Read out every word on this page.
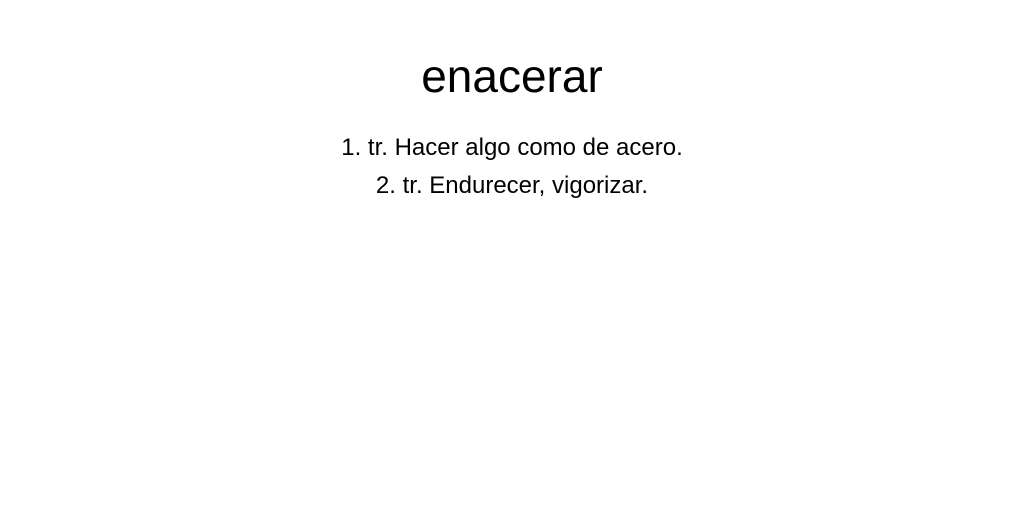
enacerar
1. tr. Hacer algo como de acero.
2. tr. Endurecer, vigorizar.
